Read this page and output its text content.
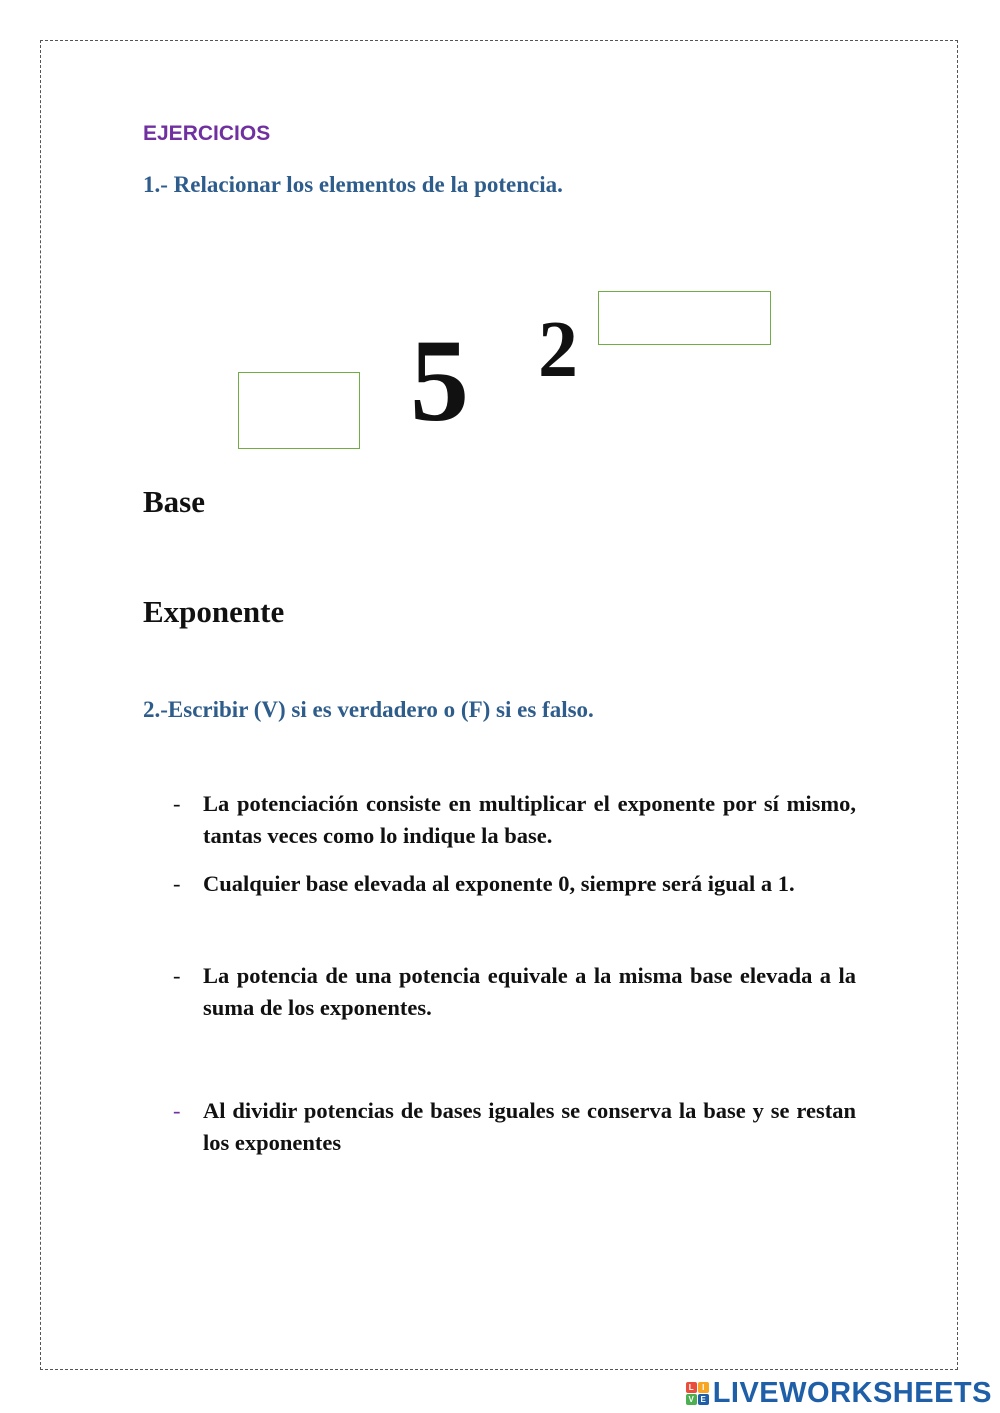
EJERCICIOS
1.- Relacionar los elementos de la potencia.
5 2
Base
Exponente
2.-Escribir (V) si es verdadero o (F) si es falso.
- La potenciación consiste en multiplicar el exponente por sí mismo, tantas veces como lo indique la base.
- Cualquier base elevada al exponente 0, siempre será igual a 1.
- La potencia de una potencia equivale a la misma base elevada a la suma de los exponentes.
- Al dividir potencias de bases iguales se conserva la base y se restan los exponentes
L	I
V E LIVEWORKSHEETS
